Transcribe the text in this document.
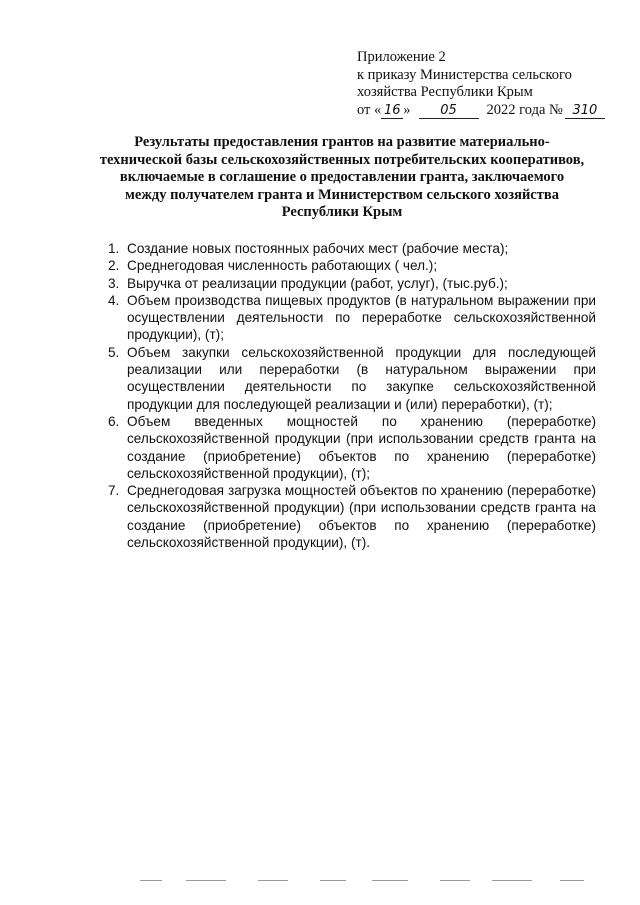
Приложение 2
к приказу Министерства сельского
хозяйства Республики Крым
от « 16 » 05 2022 года № 310
Результаты предоставления грантов на развитие материально-технической базы сельскохозяйственных потребительских кооперативов, включаемые в соглашение о предоставлении гранта, заключаемого между получателем гранта и Министерством сельского хозяйства Республики Крым
1. Создание новых постоянных рабочих мест (рабочие места);
2. Среднегодовая численность работающих ( чел.);
3. Выручка от реализации продукции (работ, услуг), (тыс.руб.);
4. Объем производства пищевых продуктов (в натуральном выражении при осуществлении деятельности по переработке сельскохозяйственной продукции), (т);
5. Объем закупки сельскохозяйственной продукции для последующей реализации или переработки (в натуральном выражении при осуществлении деятельности по закупке сельскохозяйственной продукции для последующей реализации и (или) переработки), (т);
6. Объем введенных мощностей по хранению (переработке) сельскохозяйственной продукции (при использовании средств гранта на создание (приобретение) объектов по хранению (переработке) сельскохозяйственной продукции), (т);
7. Среднегодовая загрузка мощностей объектов по хранению (переработке) сельскохозяйственной продукции) (при использовании средств гранта на создание (приобретение) объектов по хранению (переработке) сельскохозяйственной продукции), (т).
